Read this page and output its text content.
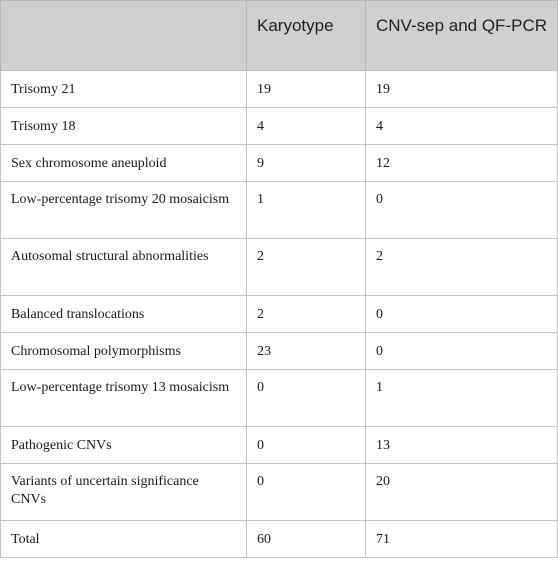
	Karyotype	CNV-sep and QF-PCR
Trisomy 21	19	19
Trisomy 18	4	4
Sex chromosome aneuploid	9	12
Low-percentage trisomy 20 mosaicism	1	0
Autosomal structural abnormalities	2	2
Balanced translocations	2	0
Chromosomal polymorphisms	23	0
Low-percentage trisomy 13 mosaicism	0	1
Pathogenic CNVs	0	13
Variants of uncertain significance CNVs	0	20
Total	60	71
